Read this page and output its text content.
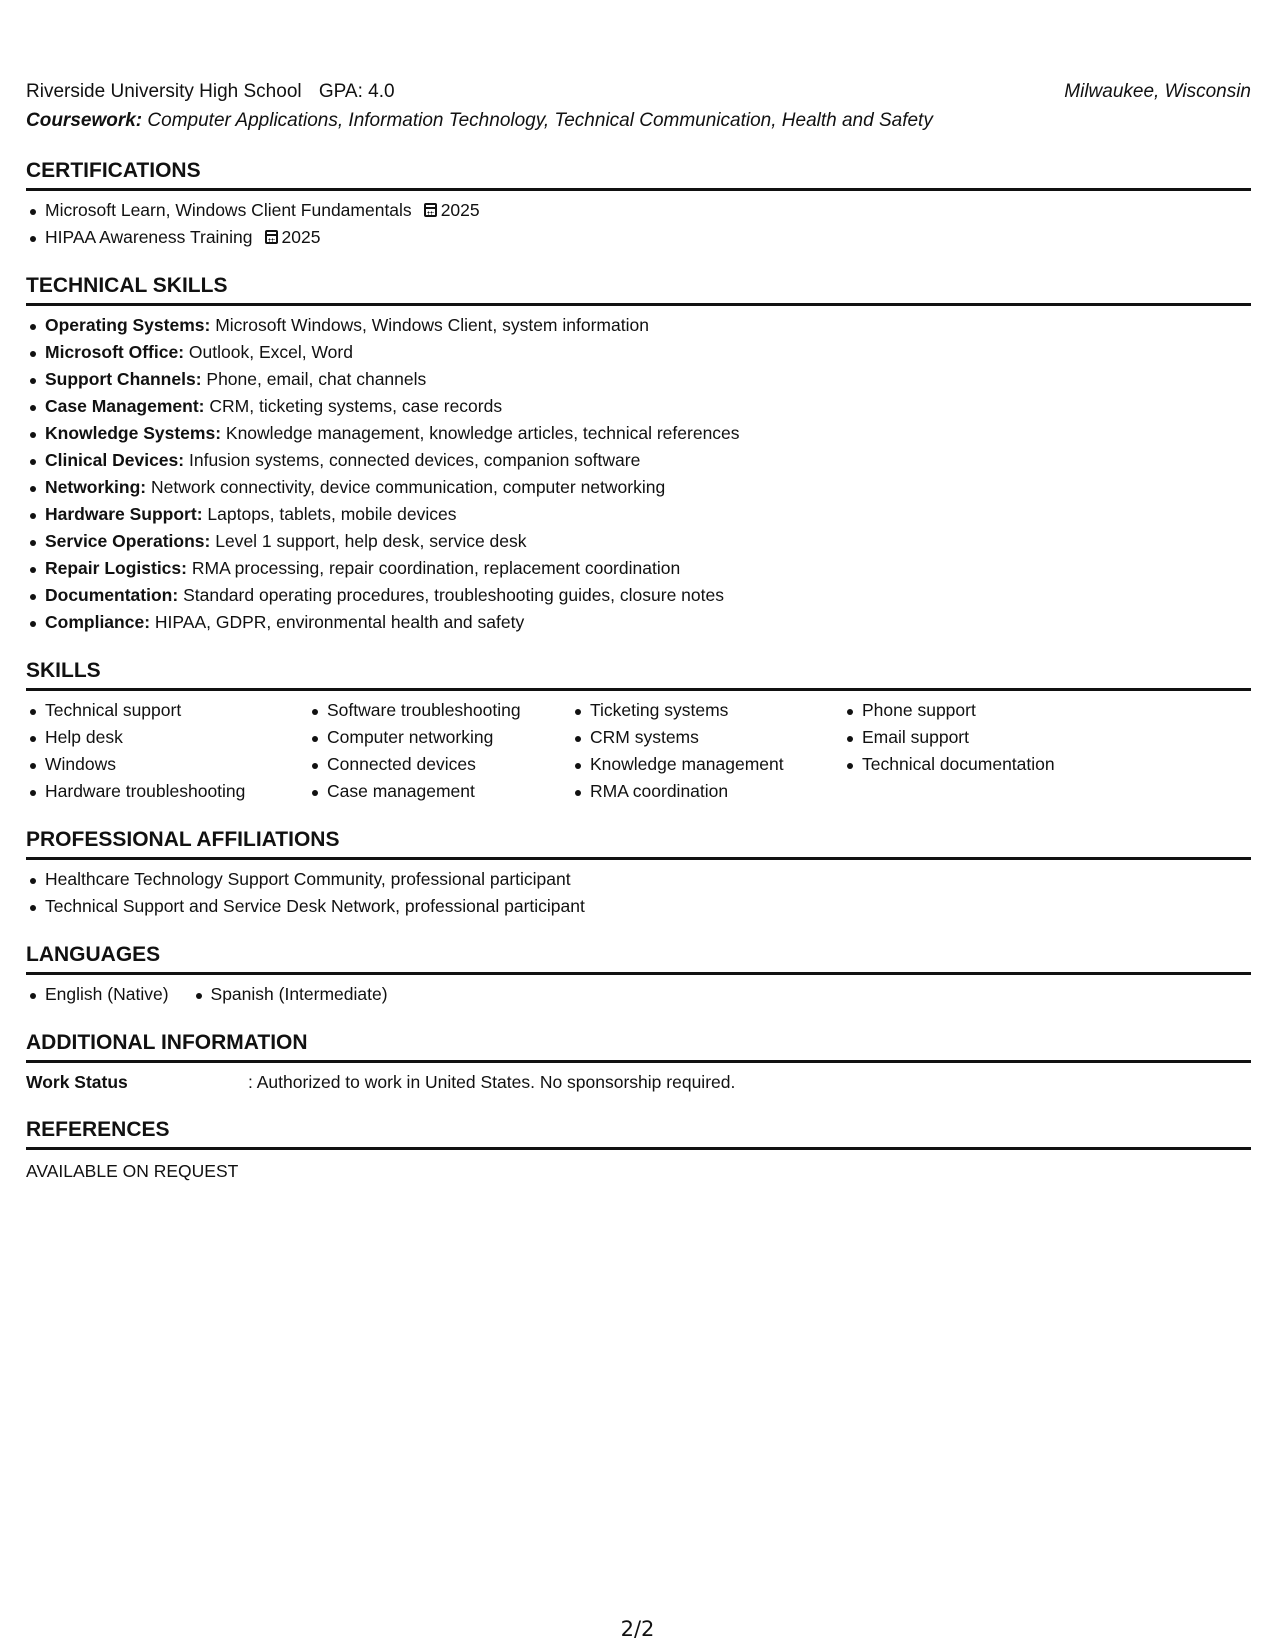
Riverside University High School GPA: 4.0	Milwaukee, Wisconsin
Coursework: Computer Applications, Information Technology, Technical Communication, Health and Safety
CERTIFICATIONS
Microsoft Learn, Windows Client Fundamentals 2025
HIPAA Awareness Training 2025
TECHNICAL SKILLS
Operating Systems: Microsoft Windows, Windows Client, system information
Microsoft Office: Outlook, Excel, Word
Support Channels: Phone, email, chat channels
Case Management: CRM, ticketing systems, case records
Knowledge Systems: Knowledge management, knowledge articles, technical references
Clinical Devices: Infusion systems, connected devices, companion software
Networking: Network connectivity, device communication, computer networking
Hardware Support: Laptops, tablets, mobile devices
Service Operations: Level 1 support, help desk, service desk
Repair Logistics: RMA processing, repair coordination, replacement coordination
Documentation: Standard operating procedures, troubleshooting guides, closure notes
Compliance: HIPAA, GDPR, environmental health and safety
SKILLS
Technical support
Help desk
Windows
Hardware troubleshooting
Software troubleshooting
Computer networking
Connected devices
Case management
Ticketing systems
CRM systems
Knowledge management
RMA coordination
Phone support
Email support
Technical documentation
PROFESSIONAL AFFILIATIONS
Healthcare Technology Support Community, professional participant
Technical Support and Service Desk Network, professional participant
LANGUAGES
English (Native) Spanish (Intermediate)
ADDITIONAL INFORMATION
Work Status	: Authorized to work in United States. No sponsorship required.
REFERENCES
AVAILABLE ON REQUEST
2/2
